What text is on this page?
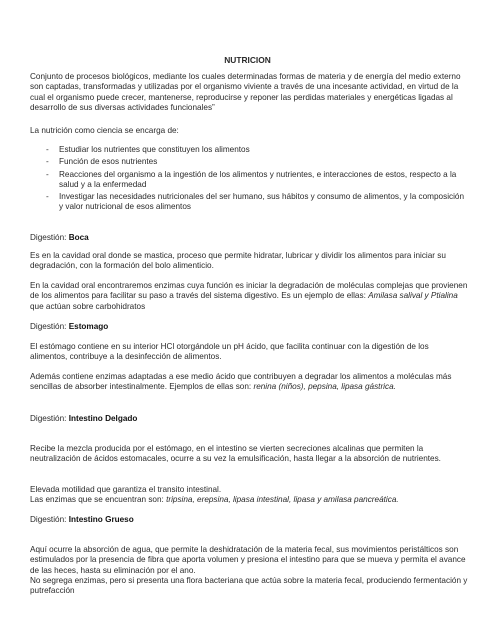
NUTRICION

Conjunto de procesos biológicos, mediante los cuales determinadas formas de materia y de energía del medio externo son captadas, transformadas y utilizadas por el organismo viviente a través de una incesante actividad, en virtud de la cual el organismo puede crecer, mantenerse, reproducirse y reponer las perdidas materiales y energéticas ligadas al desarrollo de sus diversas actividades funcionales”

La nutrición como ciencia se encarga de:

- Estudiar los nutrientes que constituyen los alimentos
- Función de esos nutrientes
- Reacciones del organismo a la ingestión de los alimentos y nutrientes, e interacciones de estos, respecto a la salud y a la enfermedad
- Investigar las necesidades nutricionales del ser humano, sus hábitos y consumo de alimentos, y la composición y valor nutricional de esos alimentos

Digestión: Boca

Es en la cavidad oral donde se mastica, proceso que permite hidratar, lubricar y dividir los alimentos para iniciar su degradación, con la formación del bolo alimenticio.

En la cavidad oral encontraremos enzimas cuya función es iniciar la degradación de moléculas complejas que provienen de los alimentos para facilitar su paso a través del sistema digestivo. Es un ejemplo de ellas: Amilasa salival y Ptialina que actúan sobre carbohidratos

Digestión: Estomago

El estómago contiene en su interior HCl otorgándole un pH ácido, que facilita continuar con la digestión de los alimentos, contribuye a la desinfección de alimentos.

Además contiene enzimas adaptadas a ese medio ácido que contribuyen a degradar los alimentos a moléculas más sencillas de absorber intestinalmente. Ejemplos de ellas son: renina (niños), pepsina, lipasa gástrica.

Digestión: Intestino Delgado

Recibe la mezcla producida por el estómago, en el intestino se vierten secreciones alcalinas que permiten la neutralización de ácidos estomacales, ocurre a su vez la emulsificación, hasta llegar a la absorción de nutrientes.

Elevada motilidad que garantiza el transito intestinal.

Las enzimas que se encuentran son: tripsina, erepsina, lipasa intestinal, lipasa y amilasa pancreática.

Digestión: Intestino Grueso

Aquí ocurre la absorción de agua, que permite la deshidratación de la materia fecal, sus movimientos peristálticos son estimulados por la presencia de fibra que aporta volumen y presiona el intestino para que se mueva y permita el avance de las heces, hasta su eliminación por el ano.

No segrega enzimas, pero si presenta una flora bacteriana que actúa sobre la materia fecal, produciendo fermentación y putrefacción
